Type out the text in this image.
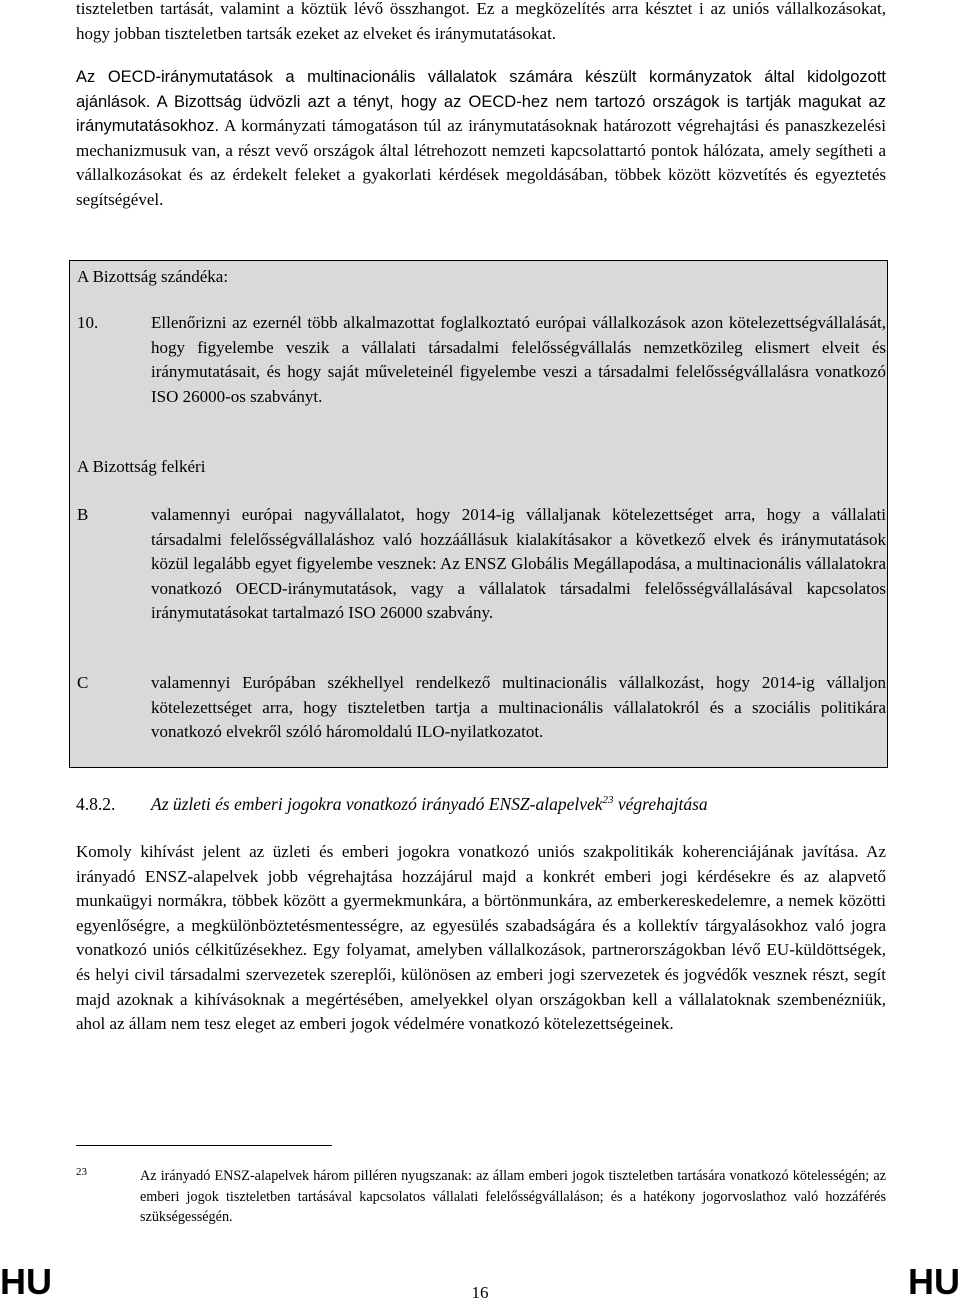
tiszteletben tartását, valamint a köztük lévő összhangot. Ez a megközelítés arra késztet i az uniós vállalkozásokat, hogy jobban tiszteletben tartsák ezeket az elveket és iránymutatásokat.

Az OECD-iránymutatások a multinacionális vállalatok számára készült kormányzatok által kidolgozott ajánlások. A Bizottság üdvözli azt a tényt, hogy az OECD-hez nem tartozó országok is tartják magukat az iránymutatásokhoz. A kormányzati támogatáson túl az iránymutatásoknak határozott végrehajtási és panaszkezelési mechanizmusuk van, a részt vevő országok által létrehozott nemzeti kapcsolattartó pontok hálózata, amely segítheti a vállalkozásokat és az érdekelt feleket a gyakorlati kérdések megoldásában, többek között közvetítés és egyeztetés segítségével.

A Bizottság szándéka:

10.	Ellenőrizni az ezernél több alkalmazottat foglalkoztató európai vállalkozások azon kötelezettségvállalását, hogy figyelembe veszik a vállalati társadalmi felelősségvállalás nemzetközileg elismert elveit és iránymutatásait, és hogy saját műveleteinél figyelembe veszi a társadalmi felelősségvállalásra vonatkozó ISO 26000-os szabványt.

A Bizottság felkéri

B	valamennyi európai nagyvállalatot, hogy 2014-ig vállaljanak kötelezettséget arra, hogy a vállalati társadalmi felelősségvállaláshoz való hozzáállásuk kialakításakor a következő elvek és iránymutatások közül legalább egyet figyelembe vesznek: Az ENSZ Globális Megállapodása, a multinacionális vállalatokra vonatkozó OECD-iránymutatások, vagy a vállalatok társadalmi felelősségvállalásával kapcsolatos iránymutatásokat tartalmazó ISO 26000 szabvány.

C	valamennyi Európában székhellyel rendelkező multinacionális vállalkozást, hogy 2014-ig vállaljon kötelezettséget arra, hogy tiszteletben tartja a multinacionális vállalatokról és a szociális politikára vonatkozó elvekről szóló háromoldalú ILO-nyilatkozatot.

4.8.2. Az üzleti és emberi jogokra vonatkozó irányadó ENSZ-alapelvek$^{23}$ végrehajtása

Komoly kihívást jelent az üzleti és emberi jogokra vonatkozó uniós szakpolitikák koherenciájának javítása. Az irányadó ENSZ-alapelvek jobb végrehajtása hozzájárul majd a konkrét emberi jogi kérdésekre és az alapvető munkaügyi normákra, többek között a gyermekmunkára, a börtönmunkára, az emberkereskedelemre, a nemek közötti egyenlőségre, a megkülönböztetésmentességre, az egyesülés szabadságára és a kollektív tárgyalásokhoz való jogra vonatkozó uniós célkitűzésekhez. Egy folyamat, amelyben vállalkozások, partnerországokban lévő EU-küldöttségek, és helyi civil társadalmi szervezetek szereplői, különösen az emberi jogi szervezetek és jogvédők vesznek részt, segít majd azoknak a kihívásoknak a megértésében, amelyekkel olyan országokban kell a vállalatoknak szembenézniük, ahol az állam nem tesz eleget az emberi jogok védelmére vonatkozó kötelezettségeinek.

23	Az irányadó ENSZ-alapelvek három pilléren nyugszanak: az állam emberi jogok tiszteletben tartására vonatkozó kötelességén; az emberi jogok tiszteletben tartásával kapcsolatos vállalati felelősségvállaláson; és a hatékony jogorvoslathoz való hozzáférés szükségességén.

HU	16	HU
